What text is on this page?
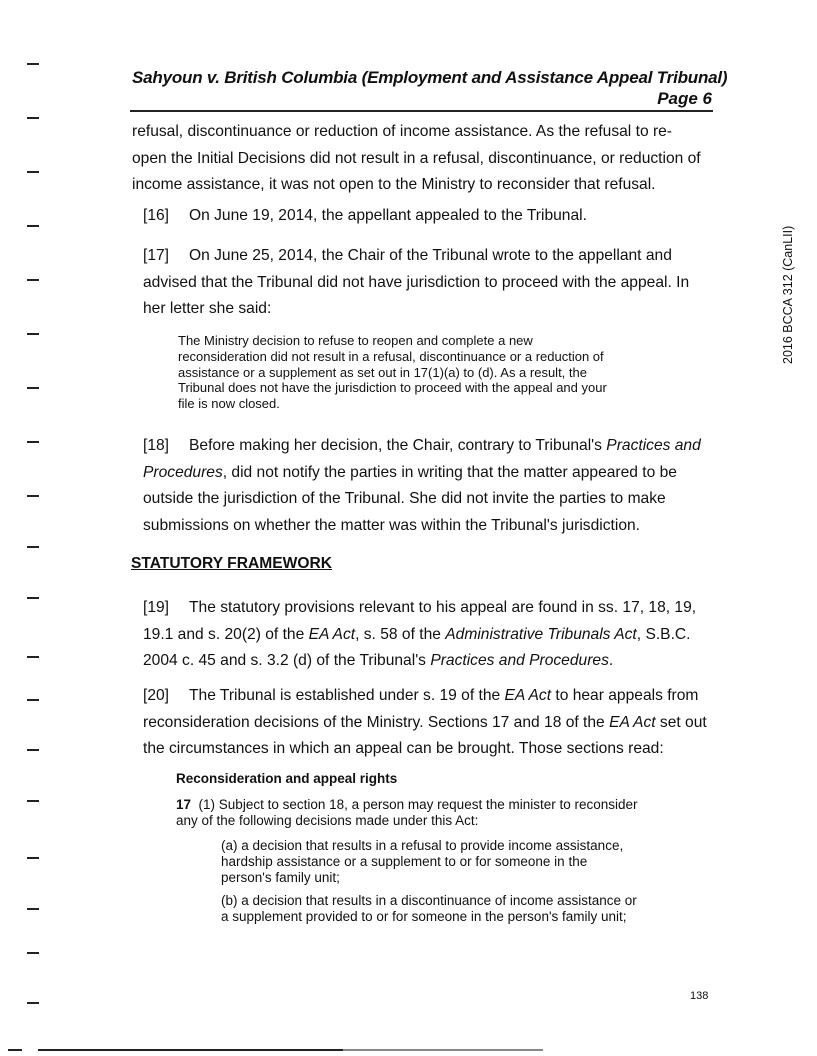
Sahyoun v. British Columbia (Employment and Assistance Appeal Tribunal)
Page 6
2016 BCCA 312 (CanLII)
refusal, discontinuance or reduction of income assistance. As the refusal to re-
open the Initial Decisions did not result in a refusal, discontinuance, or reduction of
income assistance, it was not open to the Ministry to reconsider that refusal.
[16] On June 19, 2014, the appellant appealed to the Tribunal.
[17] On June 25, 2014, the Chair of the Tribunal wrote to the appellant and
advised that the Tribunal did not have jurisdiction to proceed with the appeal. In
her letter she said:
The Ministry decision to refuse to reopen and complete a new
reconsideration did not result in a refusal, discontinuance or a reduction of
assistance or a supplement as set out in 17(1)(a) to (d). As a result, the
Tribunal does not have the jurisdiction to proceed with the appeal and your
file is now closed.
[18] Before making her decision, the Chair, contrary to Tribunal's Practices and
Procedures, did not notify the parties in writing that the matter appeared to be
outside the jurisdiction of the Tribunal. She did not invite the parties to make
submissions on whether the matter was within the Tribunal's jurisdiction.
STATUTORY FRAMEWORK
[19] The statutory provisions relevant to his appeal are found in ss. 17, 18, 19,
19.1 and s. 20(2) of the EA Act, s. 58 of the Administrative Tribunals Act, S.B.C.
2004 c. 45 and s. 3.2 (d) of the Tribunal's Practices and Procedures.
[20] The Tribunal is established under s. 19 of the EA Act to hear appeals from
reconsideration decisions of the Ministry. Sections 17 and 18 of the EA Act set out
the circumstances in which an appeal can be brought. Those sections read:
Reconsideration and appeal rights
17 (1) Subject to section 18, a person may request the minister to reconsider
any of the following decisions made under this Act:
(a) a decision that results in a refusal to provide income assistance,
hardship assistance or a supplement to or for someone in the
person's family unit;
(b) a decision that results in a discontinuance of income assistance or
a supplement provided to or for someone in the person's family unit;
138
